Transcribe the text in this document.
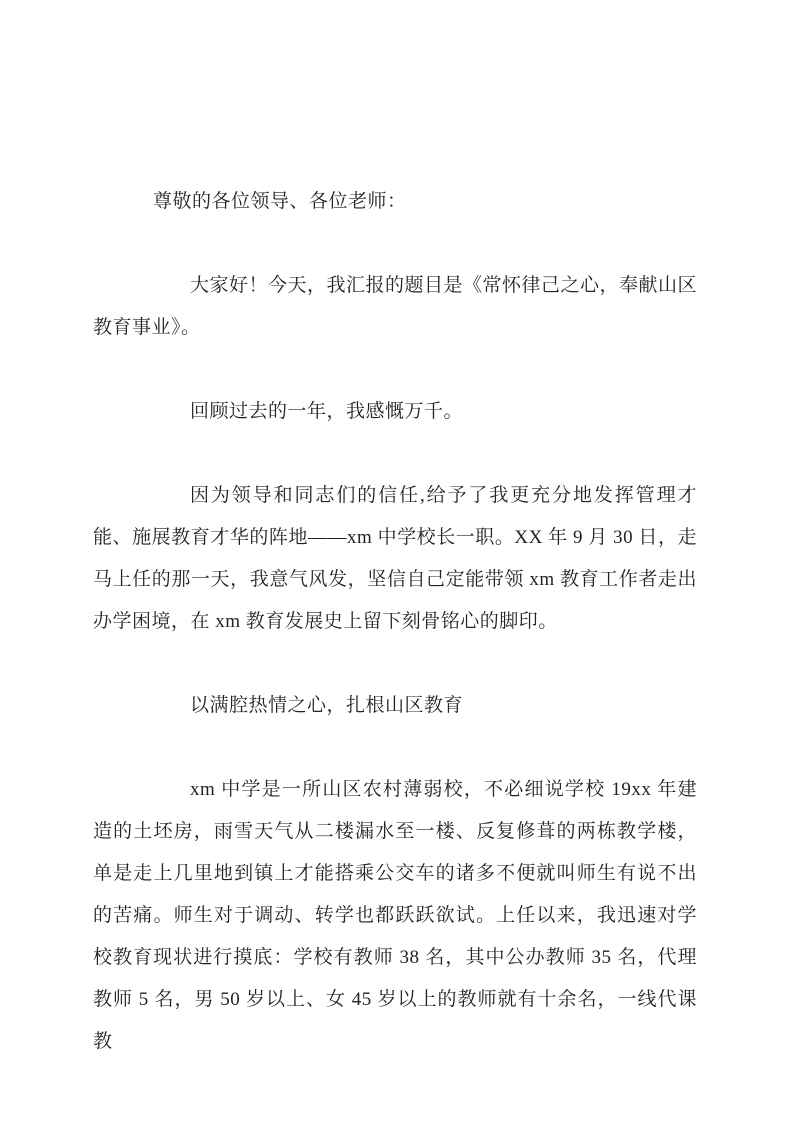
尊敬的各位领导、各位老师：

大家好！今天，我汇报的题目是《常怀律己之心，奉献山区教育事业》。

回顾过去的一年，我感慨万千。

因为领导和同志们的信任,给予了我更充分地发挥管理才能、施展教育才华的阵地——xm 中学校长一职。XX 年 9 月 30 日，走马上任的那一天，我意气风发，坚信自己定能带领 xm 教育工作者走出办学困境，在 xm 教育发展史上留下刻骨铭心的脚印。

以满腔热情之心，扎根山区教育

xm 中学是一所山区农村薄弱校，不必细说学校 19xx 年建造的土坯房，雨雪天气从二楼漏水至一楼、反复修葺的两栋教学楼，单是走上几里地到镇上才能搭乘公交车的诸多不便就叫师生有说不出的苦痛。师生对于调动、转学也都跃跃欲试。上任以来，我迅速对学校教育现状进行摸底：学校有教师 38 名，其中公办教师 35 名，代理教师 5 名，男 50 岁以上、女 45 岁以上的教师就有十余名，一线代课教
